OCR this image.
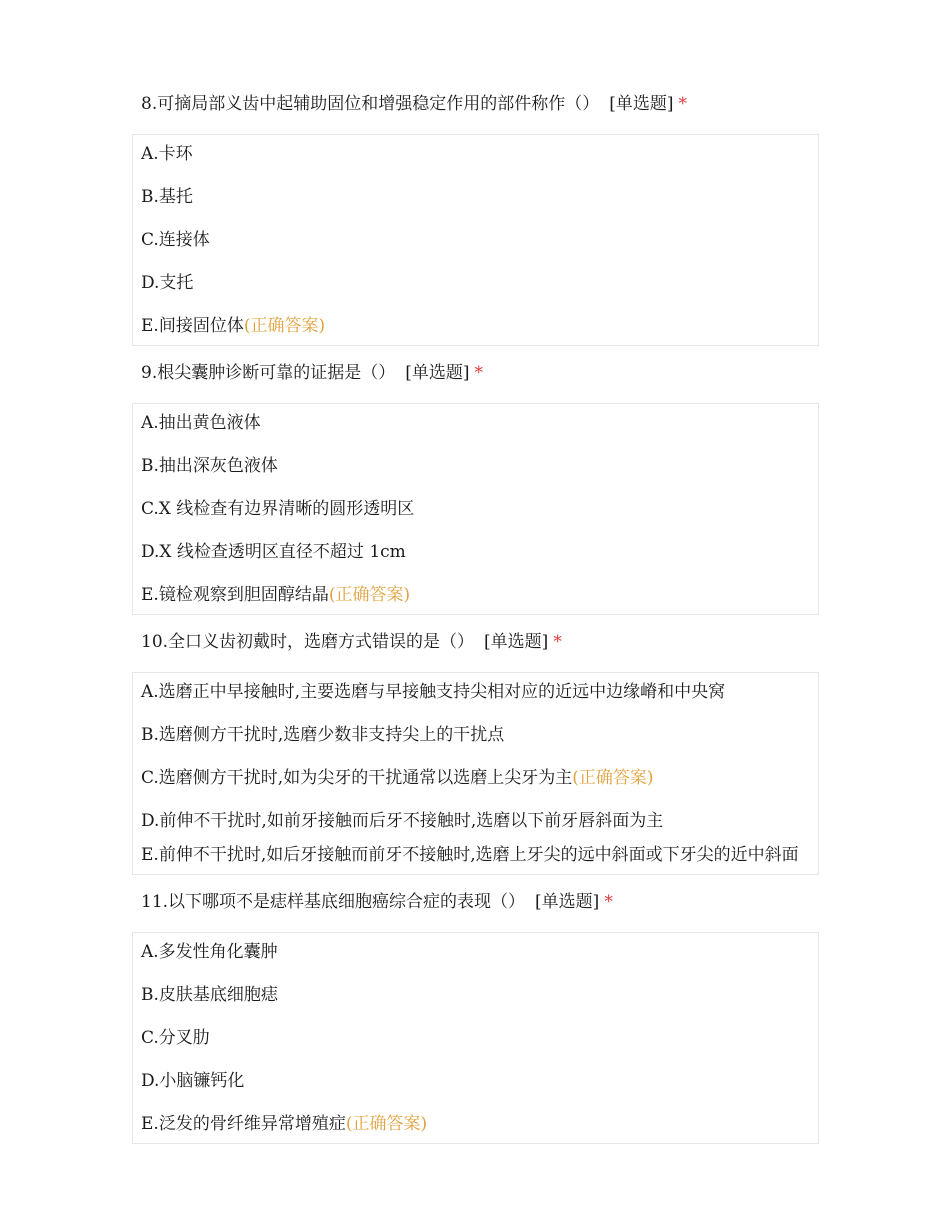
8.可摘局部义齿中起辅助固位和增强稳定作用的部件称作（） [单选题] *
A.卡环
B.基托
C.连接体
D.支托
E.间接固位体(正确答案)
9.根尖囊肿诊断可靠的证据是（） [单选题] *
A.抽出黄色液体
B.抽出深灰色液体
C.X 线检查有边界清晰的圆形透明区
D.X 线检查透明区直径不超过 1cm
E.镜检观察到胆固醇结晶(正确答案)
10.全口义齿初戴时，选磨方式错误的是（） [单选题] *
A.选磨正中早接触时,主要选磨与早接触支持尖相对应的近远中边缘嵴和中央窝
B.选磨侧方干扰时,选磨少数非支持尖上的干扰点
C.选磨侧方干扰时,如为尖牙的干扰通常以选磨上尖牙为主(正确答案)
D.前伸不干扰时,如前牙接触而后牙不接触时,选磨以下前牙唇斜面为主
E.前伸不干扰时,如后牙接触而前牙不接触时,选磨上牙尖的远中斜面或下牙尖的近中斜面
11.以下哪项不是痣样基底细胞癌综合症的表现（） [单选题] *
A.多发性角化囊肿
B.皮肤基底细胞痣
C.分叉肋
D.小脑镰钙化
E.泛发的骨纤维异常增殖症(正确答案)
